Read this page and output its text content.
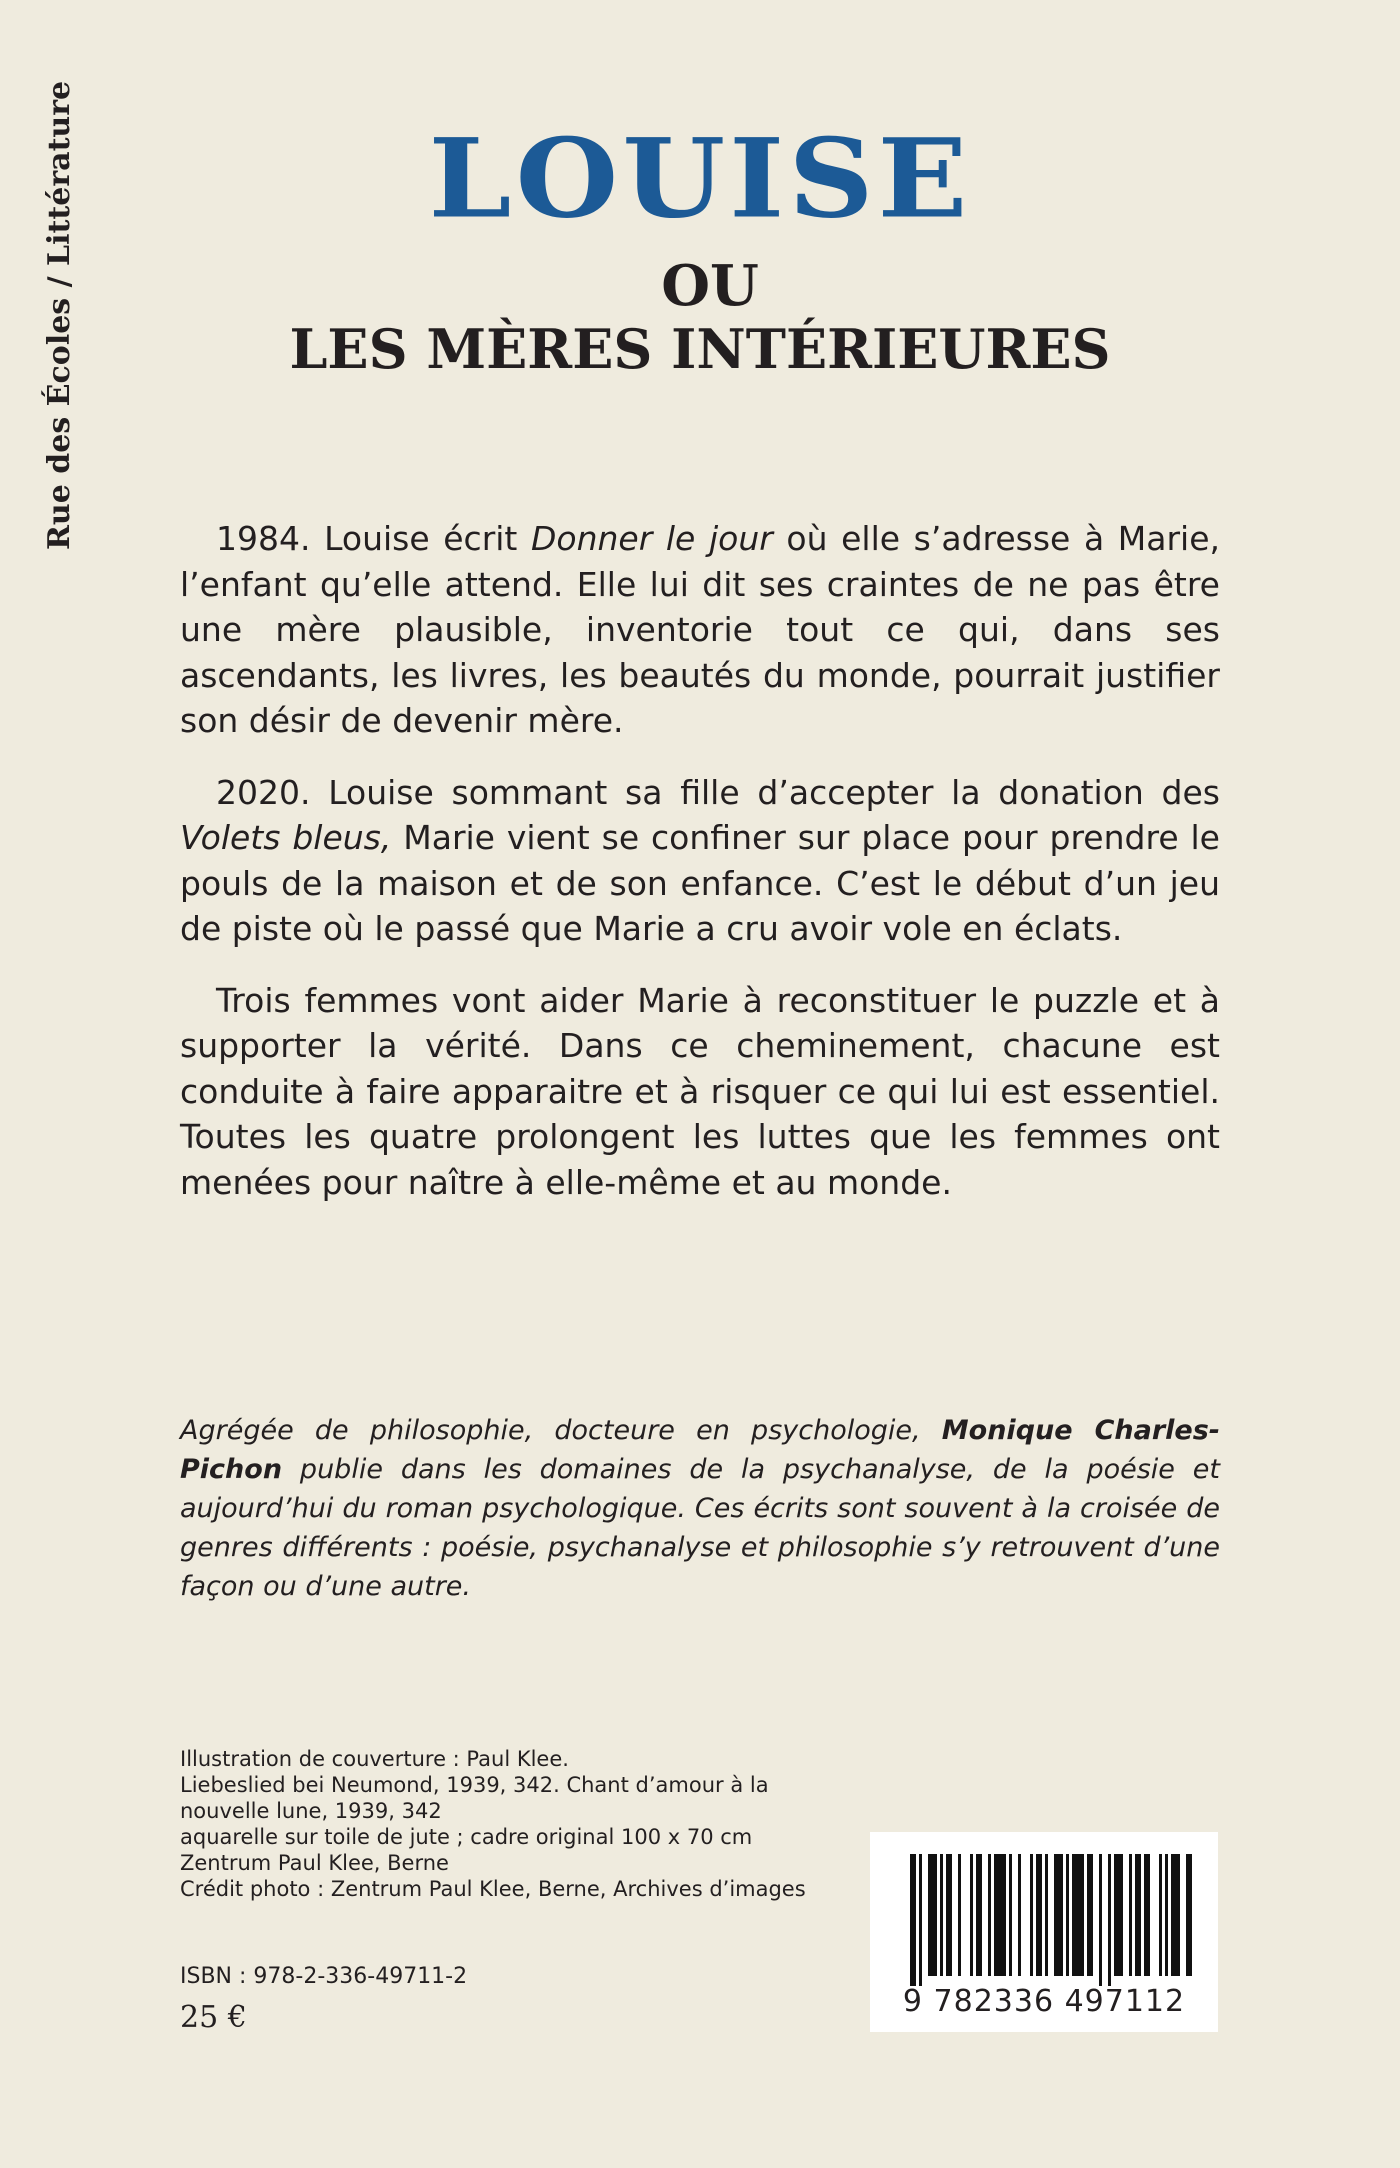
Rue des Écoles / Littérature	LOUISE
OU
LES MÈRES INTÉRIEURES

1984. Louise écrit Donner le jour où elle s’adresse à Marie, l’enfant qu’elle attend. Elle lui dit ses craintes de ne pas être une mère plausible, inventorie tout ce qui, dans ses ascendants, les livres, les beautés du monde, pourrait justifier son désir de devenir mère.

2020. Louise sommant sa fille d’accepter la donation des Volets bleus, Marie vient se confiner sur place pour prendre le pouls de la maison et de son enfance. C’est le début d’un jeu de piste où le passé que Marie a cru avoir vole en éclats.

Trois femmes vont aider Marie à reconstituer le puzzle et à supporter la vérité. Dans ce cheminement, chacune est conduite à faire apparaitre et à risquer ce qui lui est essentiel. Toutes les quatre prolongent les luttes que les femmes ont menées pour naître à elle-même et au monde.

Agrégée de philosophie, docteure en psychologie, Monique Charles-Pichon publie dans les domaines de la psychanalyse, de la poésie et aujourd’hui du roman psychologique. Ces écrits sont souvent à la croisée de genres différents : poésie, psychanalyse et philosophie s’y retrouvent d’une façon ou d’une autre.
Illustration de couverture : Paul Klee.
Liebeslied bei Neumond, 1939, 342. Chant d’amour à la nouvelle lune, 1939, 342
aquarelle sur toile de jute ; cadre original 100 x 70 cm
Zentrum Paul Klee, Berne
Crédit photo : Zentrum Paul Klee, Berne, Archives d’images
ISBN : 978-2-336-49711-2
25 €	9 782336 497112
